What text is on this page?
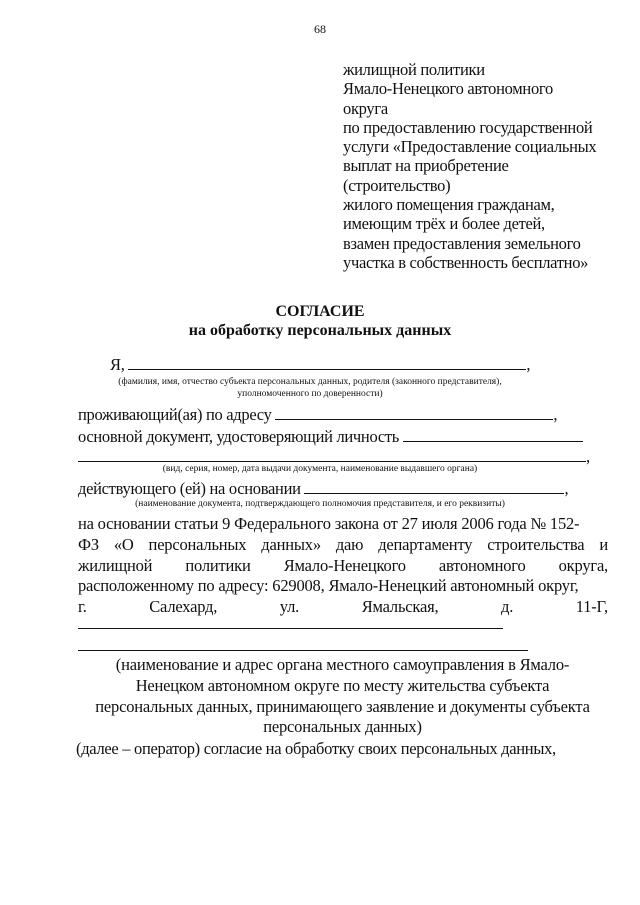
68
жилищной политики
Ямало-Ненецкого автономного
округа
по предоставлению государственной
услуги «Предоставление социальных
выплат на приобретение
(строительство)
жилого помещения гражданам,
имеющим трёх и более детей,
взамен предоставления земельного
участка в собственность бесплатно»
СОГЛАСИЕ
на обработку персональных данных
Я,	,
(фамилия, имя, отчество субъекта персональных данных, родителя (законного представителя),
уполномоченного по доверенности)
проживающий(ая) по адресу	,
основной документ, удостоверяющий личность
,
(вид, серия, номер, дата выдачи документа, наименование выдавшего органа)
действующего (ей) на основании	,
(наименование документа, подтверждающего полномочия представителя, и его реквизиты)
на основании статьи 9 Федерального закона от 27 июля 2006 года № 152-
ФЗ «О персональных данных» даю департаменту строительства и
жилищной политики Ямало-Ненецкого автономного округа,
расположенному по адресу: 629008, Ямало-Ненецкий автономный округ,
г.	Салехард,	ул.	Ямальская,	д.	11-Г,
(наименование и адрес органа местного самоуправления в Ямало-
Ненецком автономном округе по месту жительства субъекта
персональных данных, принимающего заявление и документы субъекта
персональных данных)
(далее – оператор) согласие на обработку своих персональных данных,
